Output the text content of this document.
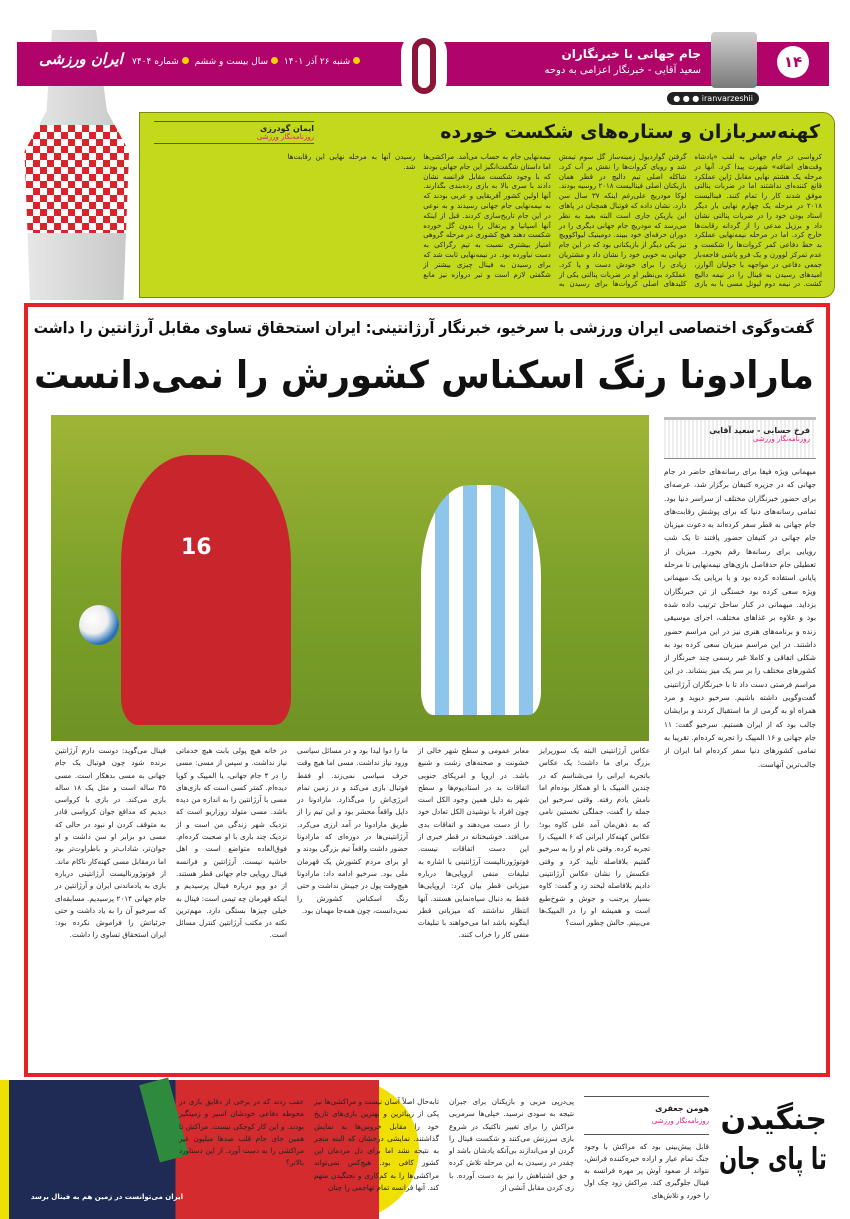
۱۴
جام جهانی با خبرنگاران
سعید آقایی - خبرنگار اعزامی به دوحه
شنبه ۲۶ آذر ۱۴۰۱ سال بیست و ششم شماره ۷۴۰۴
ایران ورزشی
● ● ● iranvarzeshii
کهنه‌سربازان و ستاره‌های شکست خورده
ایمان گودرزی
روزنامه‌نگار ورزشی
کرواسی در جام جهانی به لقب «پادشاه وقت‌های اضافه» شهرت پیدا کرد. آنها در مرحله یک هشتم نهایی مقابل ژاپن عملکرد قانع کننده‌ای نداشتند اما در ضربات پنالتی موفق شدند کار را تمام کنند. فینالیست ۲۰۱۸ در مرحله یک چهارم نهایی بار دیگر استاد بودن خود را در ضربات پنالتی نشان داد و برزیل مدعی را از گردانه رقابت‌ها خارج کرد. اما در مرحله نیمه‌نهایی عملکرد بد خط دفاعی کمر کروات‌ها را شکست و عدم تمرکز لوورن و یک فرو پاشی فاجعه‌بار جمعی دفاعی در مواجهه با جولیان آلوارز، امیدهای رسیدن به فینال را در نیمه دالیچ کشت. در نیمه دوم لیونل مسی با به بازی گرفتن گواردیول زمینه‌ساز گل سوم تیمش شد و رویای کروات‌ها را نقش بر آب کرد. شاکله اصلی تیم دالیچ در قطر همان بازیکنان اصلی فینالیست ۲۰۱۸ روسیه بودند. لوکا مودریچ علی‌رغم اینکه ۳۷ سال سن دارد، نشان داده که فوتبال همچنان در پاهای این بازیکن جاری است البته بعید به نظر می‌رسد که مودریچ جام جهانی دیگری را در دوران حرفه‌ای خود ببیند. دومینیک لیواکوویچ نیز یکی دیگر از بازیکنانی بود که در این جام جهانی به خوبی خود را نشان داد و مشتریان زیادی را برای خودش دست و پا کرد. عملکرد بی‌نظیر او در ضربات پنالتی یکی از کلیدهای اصلی کروات‌ها برای رسیدن به نیمه‌نهایی جام به حساب می‌آمد. مراکشی‌ها اما داستان شگفت‌انگیز این جام جهانی بودند که با وجود شکست مقابل فرانسه نشان دادند با سری بالا به بازی رده‌بندی بگذارند. آنها اولین کشور آفریقایی و عربی بودند که به نیمه‌نهایی جام جهانی رسیدند و به نوعی در این جام تاریخ‌سازی کردند. قبل از اینکه آنها اسپانیا و پرتغال را بدون گل خورده شکست دهند هیچ کشوری در مرحله گروهی امتیاز بیشتری نسبت به تیم رگراکی به دست نیاورده بود. در نیمه‌نهایی ثابت شد که برای رسیدن به فینال چیزی بیشتر از شگفتی لازم است و تیر دروازه نیز مانع رسیدن آنها به مرحله نهایی این رقابت‌ها شد.
گفت‌وگوی اختصاصی ایران ورزشی با سرخیو، خبرنگار آرژانتینی: ایران استحقاق تساوی مقابل آرژانتین را داشت
مارادونا رنگ اسکناس کشورش را نمی‌دانست
فرخ حسابی - سعید آقایی
روزنامه‌نگار ورزشی
16
میهمانی ویژه فیفا برای رسانه‌های حاضر در جام جهانی که در جزیره کتیفان برگزار شد، عرصه‌ای برای حضور خبرنگاران مختلف از سراسر دنیا بود. تمامی رسانه‌های دنیا که برای پوشش رقابت‌های جام جهانی به قطر سفر کرده‌اند به دعوت میزبان جام جهانی در کتیفان حضور یافتند تا یک شب رویایی برای رسانه‌ها رقم بخورد. میزبان از تعطیلی جام حدفاصل بازی‌های نیمه‌نهایی تا مرحله پایانی استفاده کرده بود و با برپایی یک میهمانی ویژه سعی کرده بود خستگی از تن خبرنگاران بزداید. میهمانی در کنار ساحل ترتیب داده شده بود و علاوه بر غذاهای مختلف، اجرای موسیقی زنده و برنامه‌های هنری نیز در این مراسم حضور داشتند. در این مراسم میزبان سعی کرده بود به شکلی اتفاقی و کاملا غیر رسمی چند خبرنگار از کشورهای مختلف را بر سر یک میز بنشاند. در این مراسم فرصتی دست داد تا با خبرنگاران آرژانتینی گفت‌وگویی داشته باشیم. سرخیو دیوید و مرد همراه او به گرمی از ما استقبال کردند و برایشان جالب بود که از ایران هستیم. سرخیو گفت: ۱۱ جام جهانی و ۱۶ المپیک را تجربه کرده‌ام. تقریبا به تمامی کشورهای دنیا سفر کرده‌ام اما ایران از جالب‌ترین آنهاست.
عکاس آرژانتینی البته یک سورپرایز بزرگ برای ما داشت؛ یک عکاس باتجربه ایرانی را می‌شناسم که در چندین المپیک با او همکار بوده‌ام اما نامش یادم رفته. وقتی سرخیو این جمله را گفت، جملگی نخستین نامی که به ذهن‌مان آمد علی کاوه بود؛ عکاس کهنه‌کار ایرانی که ۶ المپیک را تجربه کرده. وقتی نام او را به سرخیو گفتیم بلافاصله تأیید کرد و وقتی عکسش را نشان عکاس آرژانتینی دادیم بلافاصله لبخند زد و گفت: کاوه بسیار پرجنب و جوش و شوخ‌طبع است و همیشه او را در المپیک‌ها می‌بینم. حالش چطور است؟
معابر عمومی و سطح شهر خالی از خشونت و صحنه‌های زشت و شنیع باشد. در اروپا و امریکای جنوبی اتفاقات بد در استادیوم‌ها و سطح شهر به دلیل همین وجود الکل است چون افراد با نوشیدن الکل تعادل خود را از دست می‌دهند و اتفاقات بدی می‌افتد. خوشبختانه در قطر خبری از این دست اتفاقات نیست. فوتوژورنالیست آرژانتینی با اشاره به تبلیغات منفی اروپایی‌ها درباره میزبانی قطر بیان کرد: اروپایی‌ها فقط به دنبال سیاه‌نمایی هستند. آنها انتظار نداشتند که میزبانی قطر اینگونه باشد اما می‌خواهند با تبلیغات منفی کار را خراب کنند.
ما را دوا لیدا بود و در مسائل سیاسی ورود نیاز نداشت. مسی اما هیچ وقت حرف سیاسی نمی‌زند. او فقط فوتبال بازی می‌کند و در زمین تمام انرژی‌اش را می‌گذارد. مارادونا در دایل واقعاً محشر بود و این تیم را از طریق مارادونا در آمد ارزی می‌کرد. آرژانتینی‌ها در دوره‌ای که مارادونا حضور داشت واقعاً تیم بزرگی بودند و او برای مردم کشورش یک قهرمان ملی بود. سرخیو ادامه داد: مارادونا هیچ‌وقت پول در جیبش نداشت و حتی رنگ اسکناس کشورش را نمی‌دانست، چون همه‌جا مهمان بود.
در خانه هیچ پولی بابت هیچ خدماتی نیاز نداشت. و سپس از مسی: مسی را در ۴ جام جهانی، یا المپیک و کوپا دیده‌ام. کمتر کسی است که بازی‌های مسی با آرژانتین را به اندازه من دیده باشد. مسی متولد روزاریو است که نزدیک شهر زندگی من است و از نزدیک چند باری با او صحبت کرده‌ام. فوق‌العاده متواضع است و اهل حاشیه نیست. آرژانتین و فرانسه فینال رویایی جام جهانی قطر هستند. از دو ویو درباره فینال پرسیدیم و اینکه قهرمان چه تیمی است: فینال به خیلی چیزها بستگی دارد. مهم‌ترین نکته در مکتب آرژانتین کنترل مسائل است.
فینال می‌گوید: دوست دارم آرژانتین برنده شود چون فوتبال یک جام جهانی به مسی بدهکار است. مسی ۳۵ ساله است و مثل یک ۱۸ ساله بازی می‌کند. در بازی با کرواسی دیدیم که مدافع جوان کرواسی قادر به متوقف کردن او نبود در حالی که مسی دو برابر او سن داشت و او جوان‌تر، شاداب‌تر و باطراوت‌تر بود اما درمقابل مسی کهنه‌کار ناکام ماند. از فوتوژورنالیست آرژانتینی درباره بازی به یادماندنی ایران و آرژانتین در جام جهانی ۲۰۱۴ پرسیدیم. مسابقه‌ای که سرخیو آن را به یاد داشت و حتی جزئیاتش را فراموش نکرده بود: ایران استحقاق تساوی را داشت.
جنگیدن
تا پای جان
هومن جعفری
روزنامه‌نگار ورزشی
قابل پیش‌بینی بود که مراکش با وجود جنگ تمام عیار و اراده خیره‌کننده فرانش، نتواند از صعود آوش پر مهره فرانسه به فینال جلوگیری کند. مراکش زود چک اول را خورد و تلاش‌های
پی‌درپی مربی و بازیکنان برای جبران نتیجه به سودی نرسید. خیلی‌ها سرمربی مراکش را برای تغییر تاکتیک در شروع بازی سرزنش می‌کنند و شکست فینال را گردن او می‌اندازند بی‌آنکه یادشان باشد او چقدر در رسیدن به این مرحله تلاش کرده و حق اشتباهش را نیز به دست آورده. با زی کردن مقابل آنشی از
تابه‌حال اصلاً آسان نیست و مراکشی‌ها نیز یکی از زیباترین و بهترین بازی‌های تاریخ خود را مقابل خروس‌ها به نمایش گذاشتند. نمایشی درخشان که البته منجر به نتیجه نشد اما برای دل مردمان این کشور کافی بود. هیچ‌کس نمی‌تواند مراکشی‌ها را به کم‌کاری و نجنگیدن متهم کند. آنها فرانسه تمام تهاجمی را چنان
عقب زدند که در برخی از دقایق بازی در محوطه دفاعی خودشان اسیر و زمینگیر بودند. و این کار کوچکی نیست. مراکش تا همین جای جام قلب صدها میلیون غیر مراکشی را به دست آورد. از این دستاورد بالاتر؟
ایران می‌توانست در زمین هم به فینال برسد
